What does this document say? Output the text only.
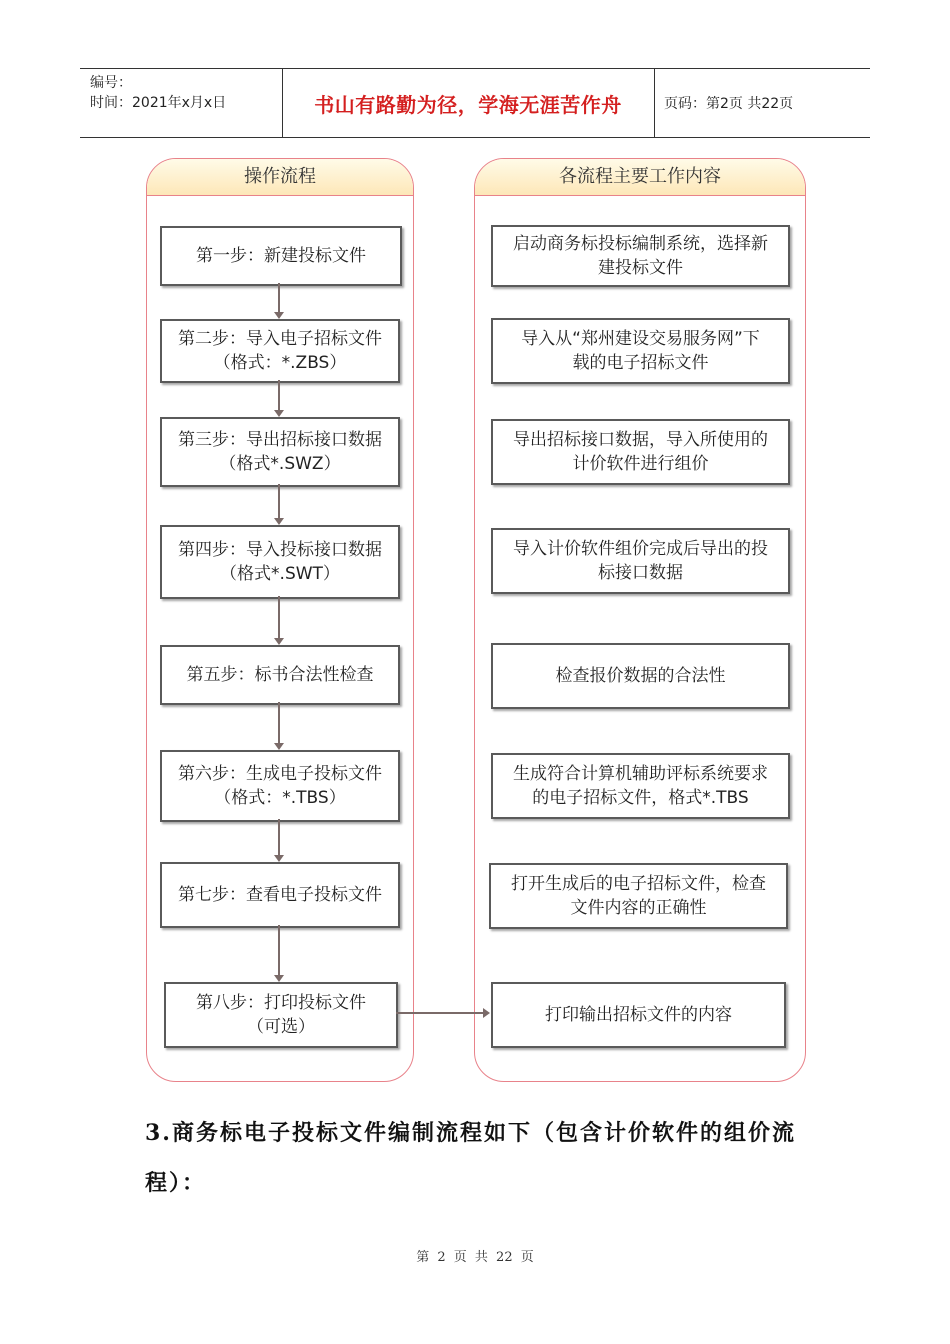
编号：
时间：2021年x月x日	书山有路勤为径，学海无涯苦作舟	页码：第2页 共22页
操作流程	各流程主要工作内容
第一步：新建投标文件
第二步：导入电子招标文件
（格式：*.ZBS）
第三步：导出招标接口数据
（格式*.SWZ）
第四步：导入投标接口数据
（格式*.SWT）
第五步：标书合法性检查
第六步：生成电子投标文件
（格式：*.TBS）
第七步：查看电子投标文件
第八步：打印投标文件
（可选）
启动商务标投标编制系统，选择新
建投标文件
导入从“郑州建设交易服务网”下
载的电子招标文件
导出招标接口数据，导入所使用的
计价软件进行组价
导入计价软件组价完成后导出的投
标接口数据
检查报价数据的合法性
生成符合计算机辅助评标系统要求
的电子招标文件，格式*.TBS
打开生成后的电子招标文件，检查
文件内容的正确性
打印输出招标文件的内容
3.商务标电子投标文件编制流程如下（包含计价软件的组价流程）：
第 2 页 共 22 页
